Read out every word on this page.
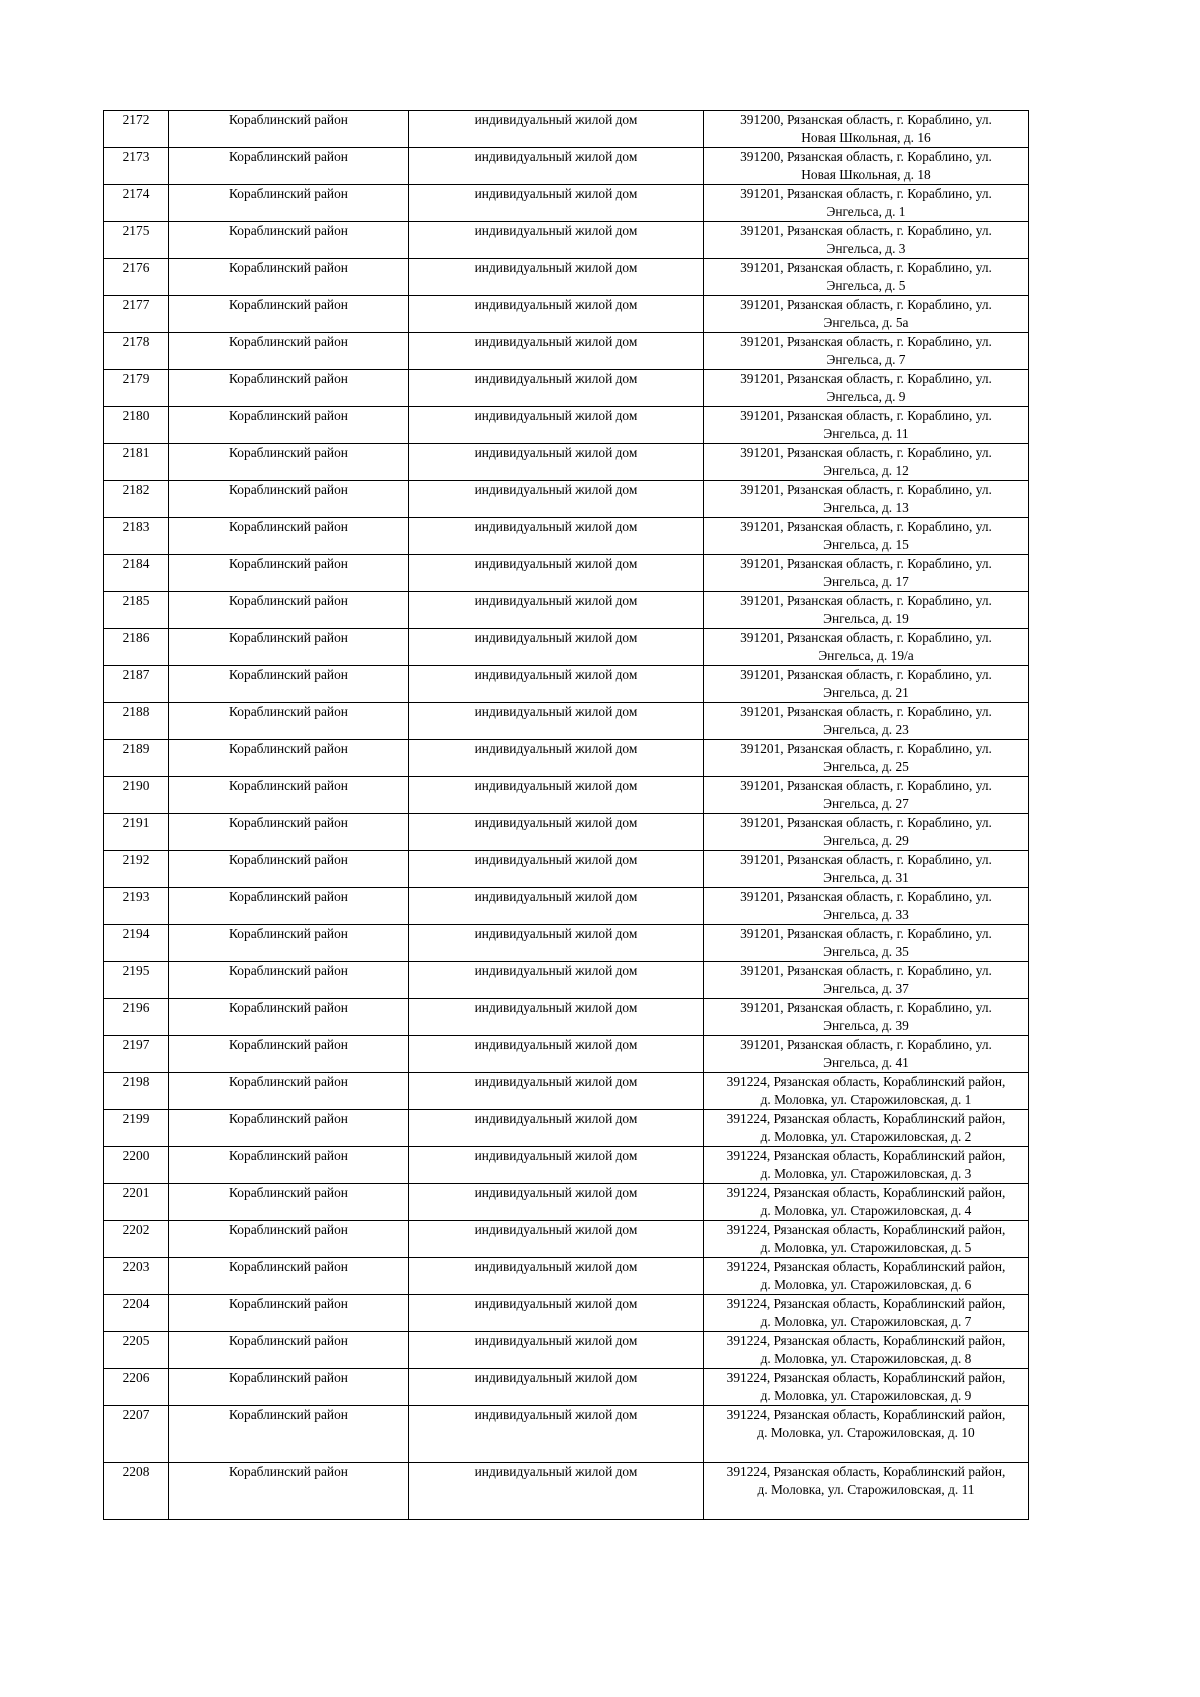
2172	Кораблинский район	индивидуальный жилой дом	391200, Рязанская область, г. Кораблино, ул.
Новая Школьная, д. 16

2173	Кораблинский район	индивидуальный жилой дом	391200, Рязанская область, г. Кораблино, ул.
Новая Школьная, д. 18

2174	Кораблинский район	индивидуальный жилой дом	391201, Рязанская область, г. Кораблино, ул.
Энгельса, д. 1

2175	Кораблинский район	индивидуальный жилой дом	391201, Рязанская область, г. Кораблино, ул.
Энгельса, д. 3

2176	Кораблинский район	индивидуальный жилой дом	391201, Рязанская область, г. Кораблино, ул.
Энгельса, д. 5

2177	Кораблинский район	индивидуальный жилой дом	391201, Рязанская область, г. Кораблино, ул.
Энгельса, д. 5а

2178	Кораблинский район	индивидуальный жилой дом	391201, Рязанская область, г. Кораблино, ул.
Энгельса, д. 7

2179	Кораблинский район	индивидуальный жилой дом	391201, Рязанская область, г. Кораблино, ул.
Энгельса, д. 9

2180	Кораблинский район	индивидуальный жилой дом	391201, Рязанская область, г. Кораблино, ул.
Энгельса, д. 11

2181	Кораблинский район	индивидуальный жилой дом	391201, Рязанская область, г. Кораблино, ул.
Энгельса, д. 12

2182	Кораблинский район	индивидуальный жилой дом	391201, Рязанская область, г. Кораблино, ул.
Энгельса, д. 13

2183	Кораблинский район	индивидуальный жилой дом	391201, Рязанская область, г. Кораблино, ул.
Энгельса, д. 15

2184	Кораблинский район	индивидуальный жилой дом	391201, Рязанская область, г. Кораблино, ул.
Энгельса, д. 17

2185	Кораблинский район	индивидуальный жилой дом	391201, Рязанская область, г. Кораблино, ул.
Энгельса, д. 19

2186	Кораблинский район	индивидуальный жилой дом	391201, Рязанская область, г. Кораблино, ул.
Энгельса, д. 19/а

2187	Кораблинский район	индивидуальный жилой дом	391201, Рязанская область, г. Кораблино, ул.
Энгельса, д. 21

2188	Кораблинский район	индивидуальный жилой дом	391201, Рязанская область, г. Кораблино, ул.
Энгельса, д. 23

2189	Кораблинский район	индивидуальный жилой дом	391201, Рязанская область, г. Кораблино, ул.
Энгельса, д. 25

2190	Кораблинский район	индивидуальный жилой дом	391201, Рязанская область, г. Кораблино, ул.
Энгельса, д. 27

2191	Кораблинский район	индивидуальный жилой дом	391201, Рязанская область, г. Кораблино, ул.
Энгельса, д. 29

2192	Кораблинский район	индивидуальный жилой дом	391201, Рязанская область, г. Кораблино, ул.
Энгельса, д. 31

2193	Кораблинский район	индивидуальный жилой дом	391201, Рязанская область, г. Кораблино, ул.
Энгельса, д. 33

2194	Кораблинский район	индивидуальный жилой дом	391201, Рязанская область, г. Кораблино, ул.
Энгельса, д. 35

2195	Кораблинский район	индивидуальный жилой дом	391201, Рязанская область, г. Кораблино, ул.
Энгельса, д. 37

2196	Кораблинский район	индивидуальный жилой дом	391201, Рязанская область, г. Кораблино, ул.
Энгельса, д. 39

2197	Кораблинский район	индивидуальный жилой дом	391201, Рязанская область, г. Кораблино, ул.
Энгельса, д. 41

2198	Кораблинский район	индивидуальный жилой дом	391224, Рязанская область, Кораблинский район,
д. Моловка, ул. Старожиловская, д. 1

2199	Кораблинский район	индивидуальный жилой дом	391224, Рязанская область, Кораблинский район,
д. Моловка, ул. Старожиловская, д. 2

2200	Кораблинский район	индивидуальный жилой дом	391224, Рязанская область, Кораблинский район,
д. Моловка, ул. Старожиловская, д. 3

2201	Кораблинский район	индивидуальный жилой дом	391224, Рязанская область, Кораблинский район,
д. Моловка, ул. Старожиловская, д. 4

2202	Кораблинский район	индивидуальный жилой дом	391224, Рязанская область, Кораблинский район,
д. Моловка, ул. Старожиловская, д. 5

2203	Кораблинский район	индивидуальный жилой дом	391224, Рязанская область, Кораблинский район,
д. Моловка, ул. Старожиловская, д. 6

2204	Кораблинский район	индивидуальный жилой дом	391224, Рязанская область, Кораблинский район,
д. Моловка, ул. Старожиловская, д. 7

2205	Кораблинский район	индивидуальный жилой дом	391224, Рязанская область, Кораблинский район,
д. Моловка, ул. Старожиловская, д. 8

2206	Кораблинский район	индивидуальный жилой дом	391224, Рязанская область, Кораблинский район,
д. Моловка, ул. Старожиловская, д. 9

2207	Кораблинский район	индивидуальный жилой дом	391224, Рязанская область, Кораблинский район,
д. Моловка, ул. Старожиловская, д. 10

2208	Кораблинский район	индивидуальный жилой дом	391224, Рязанская область, Кораблинский район,
д. Моловка, ул. Старожиловская, д. 11
